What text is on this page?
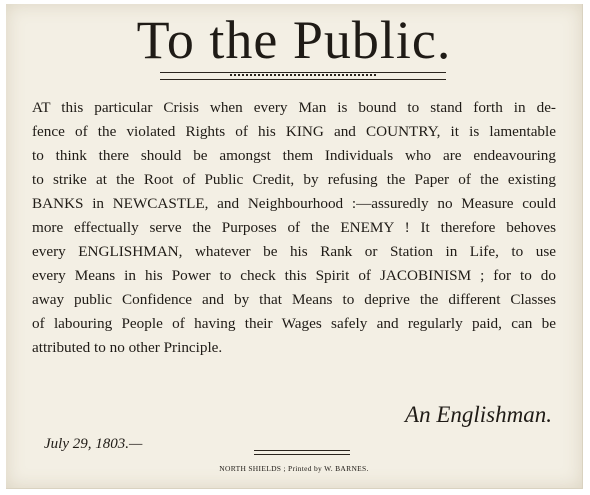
To the Public.
AT this particular Crisis when every Man is bound to stand forth in de-
fence of the violated Rights of his KING and COUNTRY, it is lamentable
to think there should be amongst them Individuals who are endeavouring
to strike at the Root of Public Credit, by refusing the Paper of the existing
BANKS in NEWCASTLE, and Neighbourhood :—assuredly no Measure could
more effectually serve the Purposes of the ENEMY ! It therefore behoves
every ENGLISHMAN, whatever be his Rank or Station in Life, to use
every Means in his Power to check this Spirit of JACOBINISM ; for to do
away public Confidence and by that Means to deprive the different Classes
of labouring People of having their Wages safely and regularly paid, can be
attributed to no other Principle.
An Englishman.
July 29, 1803.—
NORTH SHIELDS ; Printed by W. BARNES.
